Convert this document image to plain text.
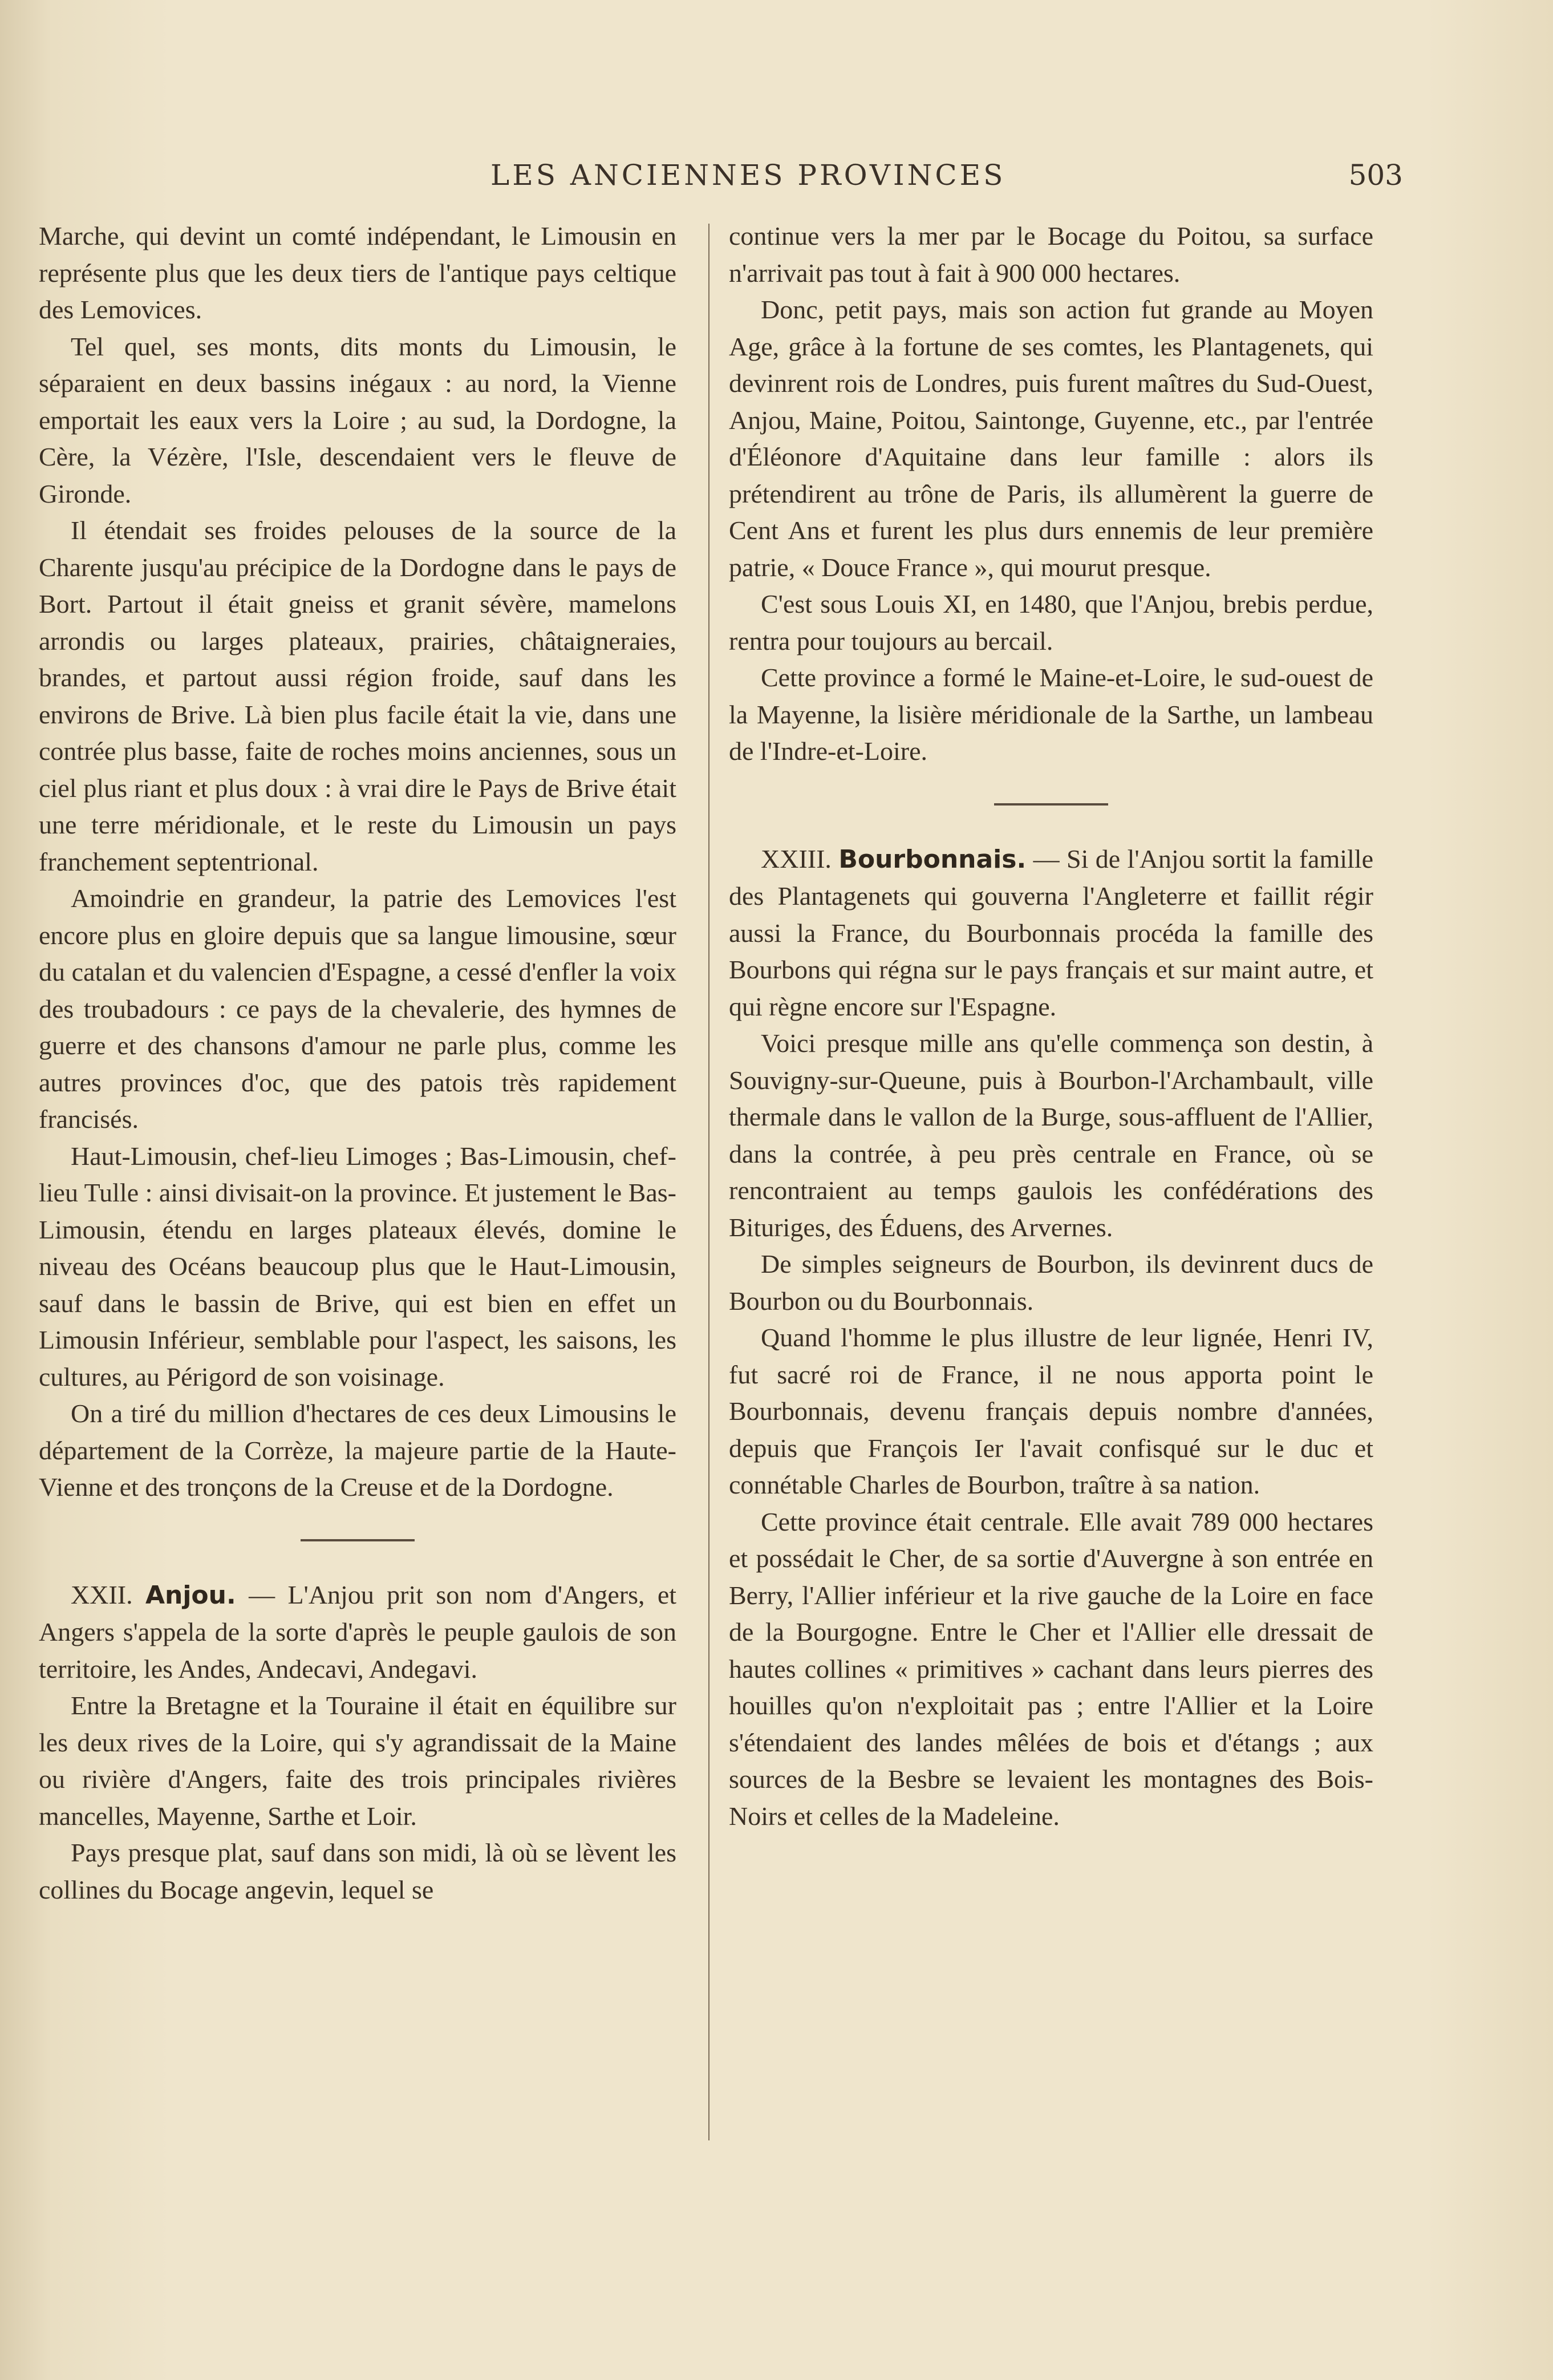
LES ANCIENNES PROVINCES	503

Marche, qui devint un comté indépendant, le Limousin en représente plus que les deux tiers de l'antique pays celtique des Lemovices.

Tel quel, ses monts, dits monts du Limousin, le séparaient en deux bassins inégaux : au nord, la Vienne emportait les eaux vers la Loire ; au sud, la Dordogne, la Cère, la Vézère, l'Isle, descendaient vers le fleuve de Gironde.

Il étendait ses froides pelouses de la source de la Charente jusqu'au précipice de la Dordogne dans le pays de Bort. Partout il était gneiss et granit sévère, mamelons arrondis ou larges plateaux, prairies, châtaigneraies, brandes, et partout aussi région froide, sauf dans les environs de Brive. Là bien plus facile était la vie, dans une contrée plus basse, faite de roches moins anciennes, sous un ciel plus riant et plus doux : à vrai dire le Pays de Brive était une terre méridionale, et le reste du Limousin un pays franchement septentrional.

Amoindrie en grandeur, la patrie des Lemovices l'est encore plus en gloire depuis que sa langue limousine, sœur du catalan et du valencien d'Espagne, a cessé d'enfler la voix des troubadours : ce pays de la chevalerie, des hymnes de guerre et des chansons d'amour ne parle plus, comme les autres provinces d'oc, que des patois très rapidement francisés.

Haut-Limousin, chef-lieu Limoges ; Bas-Limousin, chef-lieu Tulle : ainsi divisait-on la province. Et justement le Bas-Limousin, étendu en larges plateaux élevés, domine le niveau des Océans beaucoup plus que le Haut-Limousin, sauf dans le bassin de Brive, qui est bien en effet un Limousin Inférieur, semblable pour l'aspect, les saisons, les cultures, au Périgord de son voisinage.

On a tiré du million d'hectares de ces deux Limousins le département de la Corrèze, la majeure partie de la Haute-Vienne et des tronçons de la Creuse et de la Dordogne.

XXII. Anjou. — L'Anjou prit son nom d'Angers, et Angers s'appela de la sorte d'après le peuple gaulois de son territoire, les Andes, Andecavi, Andegavi.

Entre la Bretagne et la Touraine il était en équilibre sur les deux rives de la Loire, qui s'y agrandissait de la Maine ou rivière d'Angers, faite des trois principales rivières mancelles, Mayenne, Sarthe et Loir.

Pays presque plat, sauf dans son midi, là où se lèvent les collines du Bocage angevin, lequel se

continue vers la mer par le Bocage du Poitou, sa surface n'arrivait pas tout à fait à 900 000 hectares.

Donc, petit pays, mais son action fut grande au Moyen Age, grâce à la fortune de ses comtes, les Plantagenets, qui devinrent rois de Londres, puis furent maîtres du Sud-Ouest, Anjou, Maine, Poitou, Saintonge, Guyenne, etc., par l'entrée d'Éléonore d'Aquitaine dans leur famille : alors ils prétendirent au trône de Paris, ils allumèrent la guerre de Cent Ans et furent les plus durs ennemis de leur première patrie, « Douce France », qui mourut presque.

C'est sous Louis XI, en 1480, que l'Anjou, brebis perdue, rentra pour toujours au bercail.

Cette province a formé le Maine-et-Loire, le sud-ouest de la Mayenne, la lisière méridionale de la Sarthe, un lambeau de l'Indre-et-Loire.

XXIII. Bourbonnais. — Si de l'Anjou sortit la famille des Plantagenets qui gouverna l'Angleterre et faillit régir aussi la France, du Bourbonnais procéda la famille des Bourbons qui régna sur le pays français et sur maint autre, et qui règne encore sur l'Espagne.

Voici presque mille ans qu'elle commença son destin, à Souvigny-sur-Queune, puis à Bourbon-l'Archambault, ville thermale dans le vallon de la Burge, sous-affluent de l'Allier, dans la contrée, à peu près centrale en France, où se rencontraient au temps gaulois les confédérations des Bituriges, des Éduens, des Arvernes.

De simples seigneurs de Bourbon, ils devinrent ducs de Bourbon ou du Bourbonnais.

Quand l'homme le plus illustre de leur lignée, Henri IV, fut sacré roi de France, il ne nous apporta point le Bourbonnais, devenu français depuis nombre d'années, depuis que François Ier l'avait confisqué sur le duc et connétable Charles de Bourbon, traître à sa nation.

Cette province était centrale. Elle avait 789 000 hectares et possédait le Cher, de sa sortie d'Auvergne à son entrée en Berry, l'Allier inférieur et la rive gauche de la Loire en face de la Bourgogne. Entre le Cher et l'Allier elle dressait de hautes collines « primitives » cachant dans leurs pierres des houilles qu'on n'exploitait pas ; entre l'Allier et la Loire s'étendaient des landes mêlées de bois et d'étangs ; aux sources de la Besbre se levaient les montagnes des Bois-Noirs et celles de la Madeleine.
